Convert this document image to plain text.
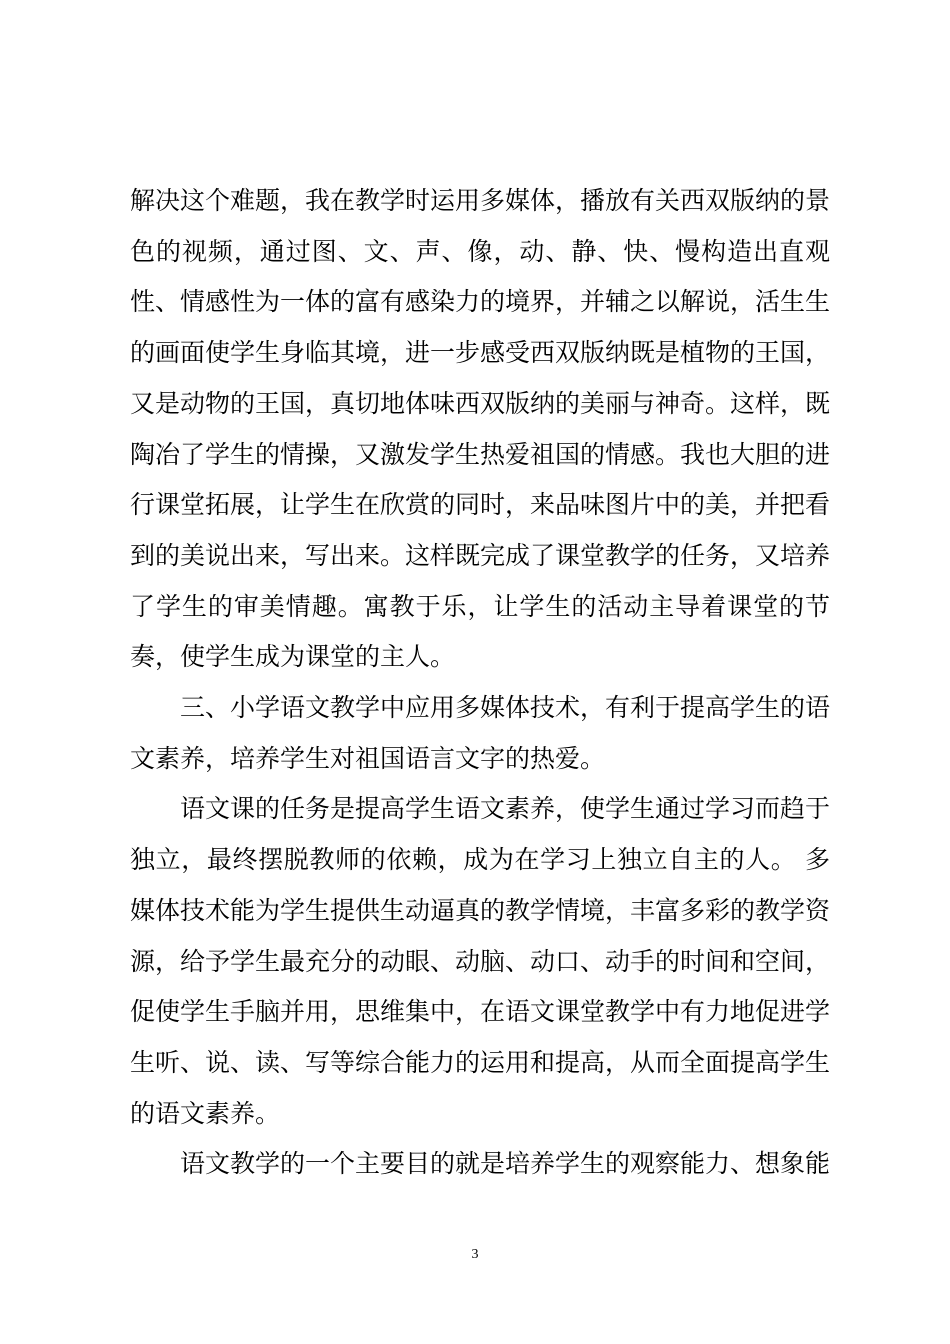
解决这个难题，我在教学时运用多媒体，播放有关西双版纳的景色的视频，通过图、文、声、像，动、静、快、慢构造出直观性、情感性为一体的富有感染力的境界，并辅之以解说，活生生的画面使学生身临其境，进一步感受西双版纳既是植物的王国，又是动物的王国，真切地体味西双版纳的美丽与神奇。这样，既陶冶了学生的情操，又激发学生热爱祖国的情感。我也大胆的进行课堂拓展，让学生在欣赏的同时，来品味图片中的美，并把看到的美说出来，写出来。这样既完成了课堂教学的任务，又培养了学生的审美情趣。寓教于乐，让学生的活动主导着课堂的节奏，使学生成为课堂的主人。

三、小学语文教学中应用多媒体技术，有利于提高学生的语文素养，培养学生对祖国语言文字的热爱。

语文课的任务是提高学生语文素养，使学生通过学习而趋于独立，最终摆脱教师的依赖，成为在学习上独立自主的人。 多媒体技术能为学生提供生动逼真的教学情境，丰富多彩的教学资源，给予学生最充分的动眼、动脑、动口、动手的时间和空间，促使学生手脑并用，思维集中，在语文课堂教学中有力地促进学生听、说、读、写等综合能力的运用和提高，从而全面提高学生的语文素养。

语文教学的一个主要目的就是培养学生的观察能力、想象能

3
